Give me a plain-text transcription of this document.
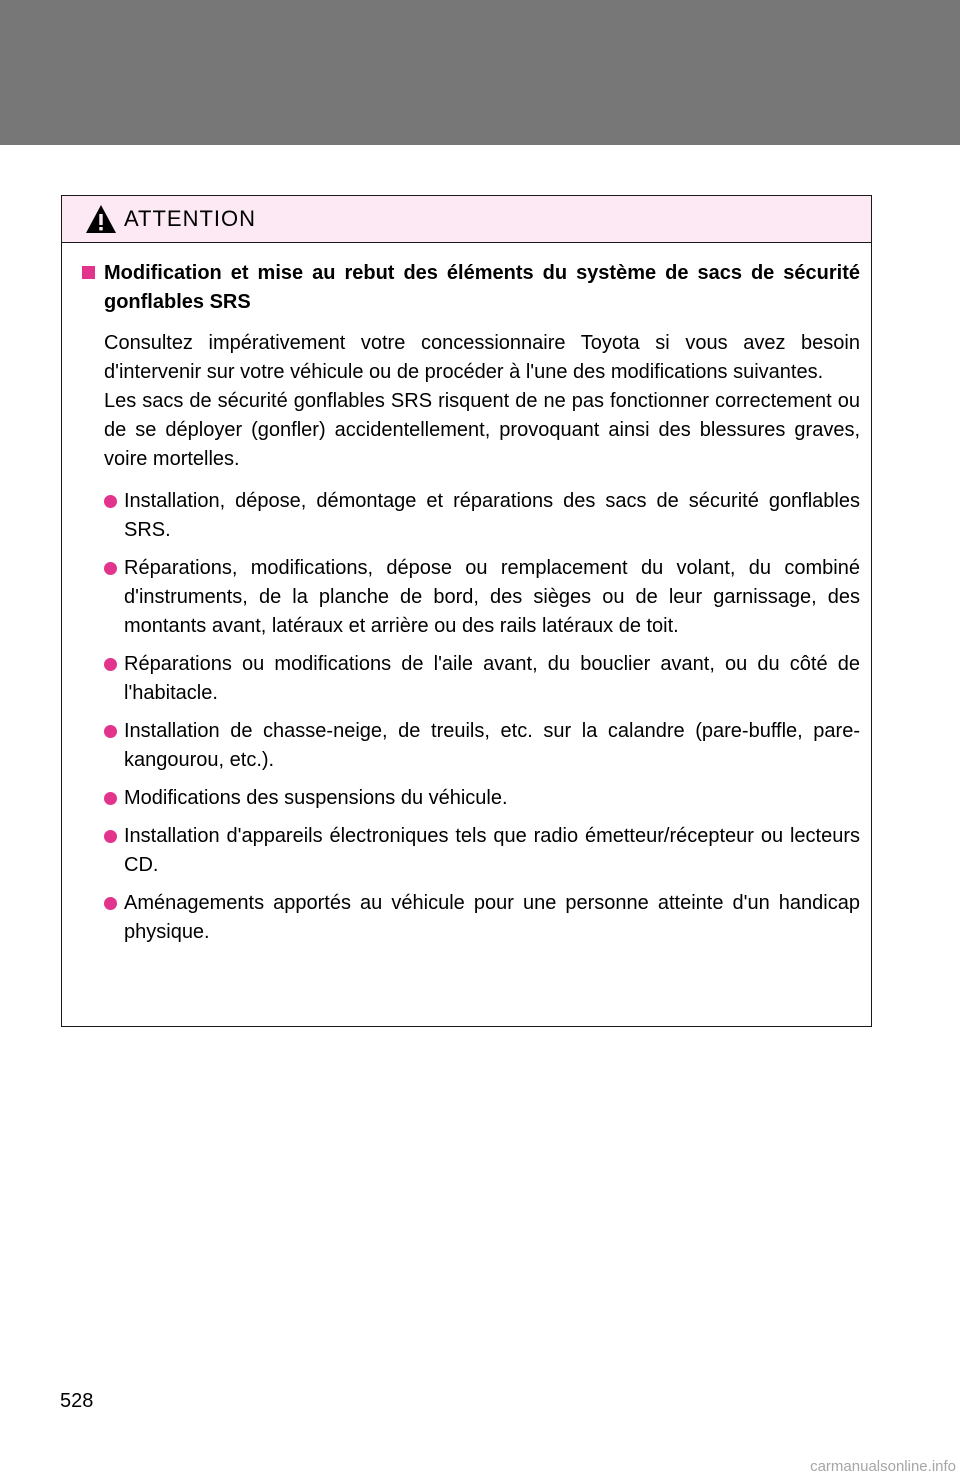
ATTENTION
Modification et mise au rebut des éléments du système de sacs de sécurité gonflables SRS

Consultez impérativement votre concessionnaire Toyota si vous avez besoin d'intervenir sur votre véhicule ou de procéder à l'une des modifications suivantes.

Les sacs de sécurité gonflables SRS risquent de ne pas fonctionner correctement ou de se déployer (gonfler) accidentellement, provoquant ainsi des blessures graves, voire mortelles.

Installation, dépose, démontage et réparations des sacs de sécurité gonflables SRS.
Réparations, modifications, dépose ou remplacement du volant, du combiné d'instruments, de la planche de bord, des sièges ou de leur garnissage, des montants avant, latéraux et arrière ou des rails latéraux de toit.
Réparations ou modifications de l'aile avant, du bouclier avant, ou du côté de l'habitacle.
Installation de chasse-neige, de treuils, etc. sur la calandre (pare-buffle, pare-kangourou, etc.).
Modifications des suspensions du véhicule.
Installation d'appareils électroniques tels que radio émetteur/récepteur ou lecteurs CD.
Aménagements apportés au véhicule pour une personne atteinte d'un handicap physique.
528
carmanualsonline.info
